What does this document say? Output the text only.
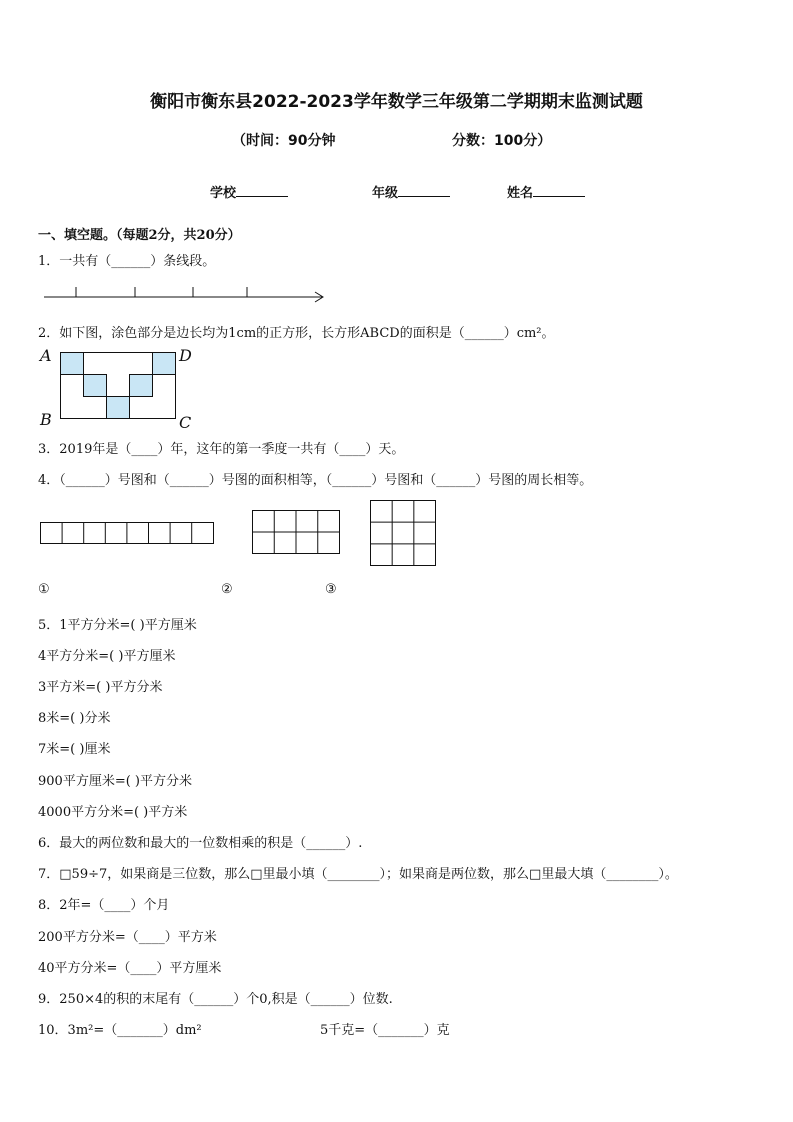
衡阳市衡东县2022-2023学年数学三年级第二学期期末监测试题
（时间：90分钟	分数：100分）
学校	年级	姓名
一、填空题。（每题2分，共20分）
1．一共有（______）条线段。
2．如下图，涂色部分是边长均为1cm的正方形，长方形ABCD的面积是（______）cm²。
A	D
B	C
3．2019年是（____）年，这年的第一季度一共有（____）天。
4．（______）号图和（______）号图的面积相等，（______）号图和（______）号图的周长相等。
①	②	③
5．1平方分米=( )平方厘米
4平方分米=( )平方厘米
3平方米=( )平方分米
8米=( )分米
7米=( )厘米
900平方厘米=( )平方分米
4000平方分米=( )平方米
6．最大的两位数和最大的一位数相乘的积是（______）.
7．□59÷7，如果商是三位数，那么□里最小填（________）；如果商是两位数，那么□里最大填（________）。
8．2年=（____）个月
200平方分米=（____）平方米
40平方分米=（____）平方厘米
9．250×4的积的末尾有（______）个0,积是（______）位数.
10．3m²=（_______）dm²	5千克=（_______）克
